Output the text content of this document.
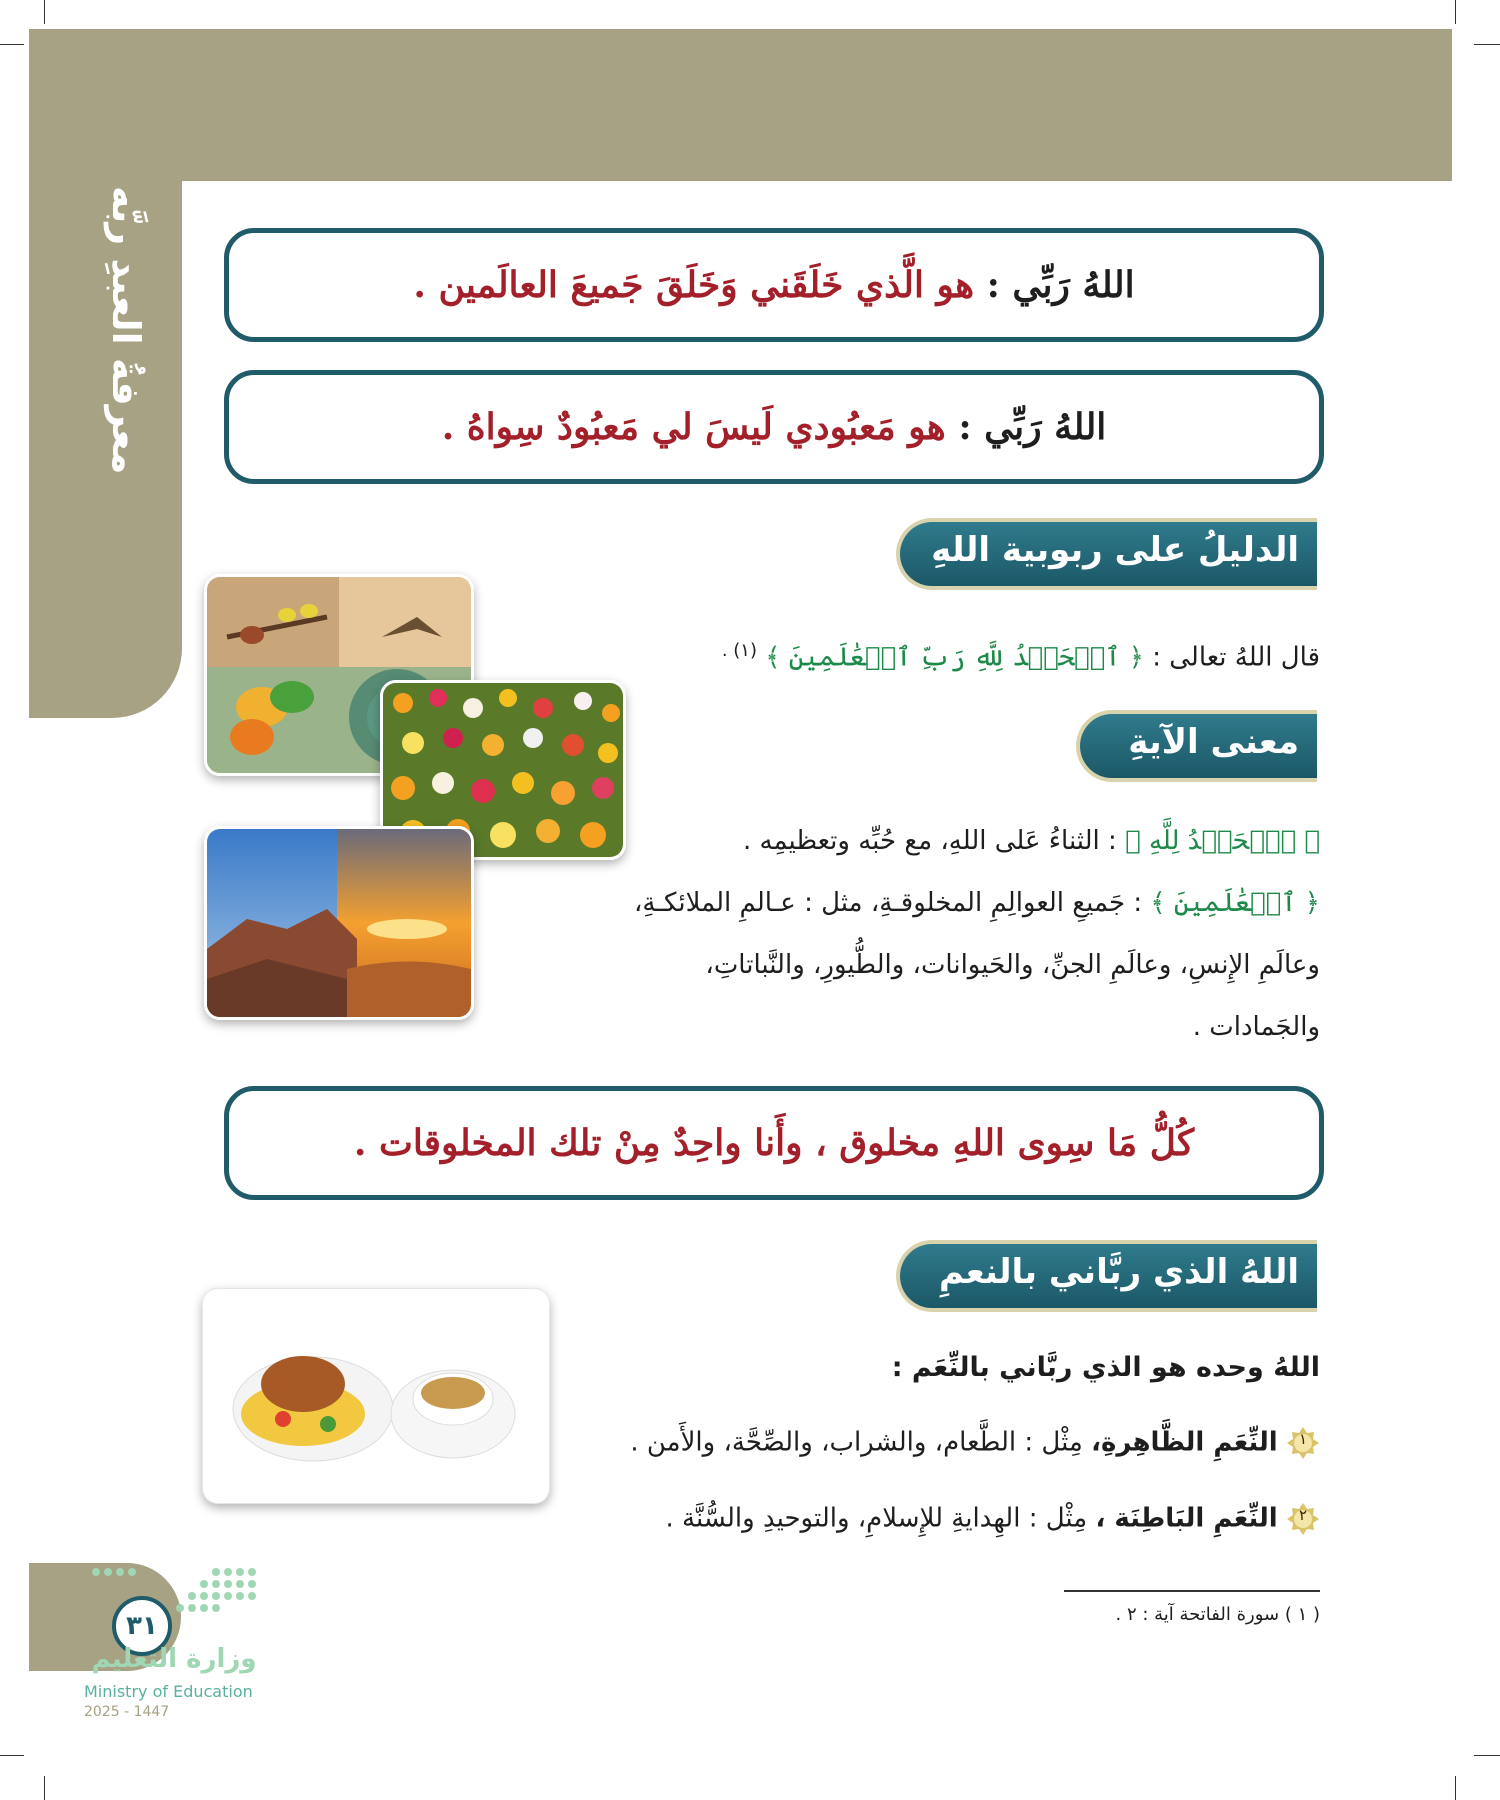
معرفةُ العبدِ ربَّه	اللهُ رَبِّي :

هو الَّذي خَلَقَني وَخَلَقَ جَميعَ العالَمين .
اللهُ رَبِّي :

هو مَعبُودي لَيسَ لي مَعبُودٌ سِواهُ .
الدليلُ على ربوبية اللهِ
قال اللهُ تعالى : ﴿ ٱلۡحَمۡدُ لِلَّهِ رَبِّ ٱلۡعَٰلَمِينَ ﴾ $^{(١) .}$
معنى الآيةِ
﴿ ٱلۡحَمۡدُ لِلَّهِ ﴾ : الثناءُ عَلى اللهِ، مع حُبِّه وتعظيمِه .
﴿ ٱلۡعَٰلَمِينَ ﴾ : جَميعِ العوالِمِ المخلوقـةِ، مثل : عـالمِ الملائكـةِ،
وعالَمِ الإِنسِ، وعالَمِ الجنِّ، والحَيوانات، والطُّيورِ، والنَّباتاتِ،
والجَمادات .
كُلُّ مَا سِوى اللهِ مخلوق ، وأَنا واحِدٌ مِنْ تلك المخلوقات .
اللهُ الذي ربَّاني بالنعمِ
اللهُ وحده هو الذي ربَّاني بالنِّعَم :
١
النِّعَمِ الظَّاهِرةِ، مِثْل : الطَّعام، والشراب، والصِّحَّة، والأَمن .
٢
النِّعَمِ البَاطِنَة ، مِثْل : الهِدايةِ للإِسلامِ، والتوحيدِ والسُّنَّة .
( ١ ) سورة الفاتحة آية : ٢ .
٣١
وزارة التعليم
Ministry of Education
2025 - 1447
